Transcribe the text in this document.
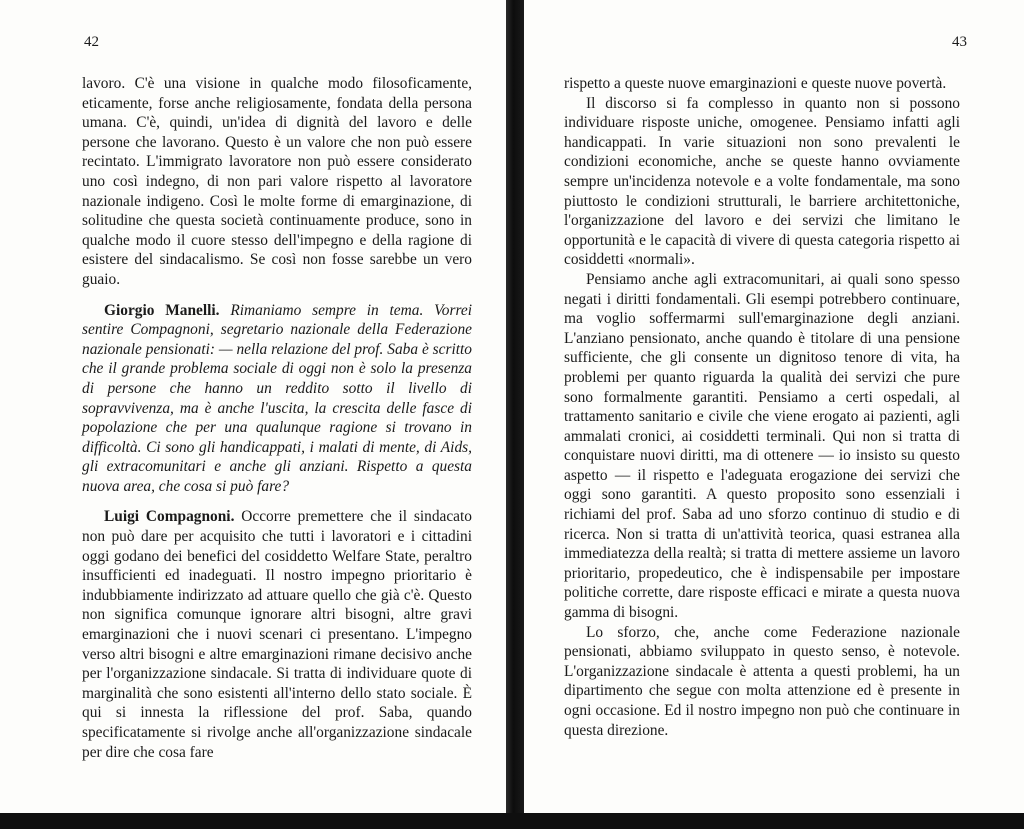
42

lavoro. C'è una visione in qualche modo filosoficamente, eticamente, forse anche religiosamente, fondata della persona umana. C'è, quindi, un'idea di dignità del lavoro e delle persone che lavorano. Questo è un valore che non può essere recintato. L'immigrato lavoratore non può essere considerato uno così indegno, di non pari valore rispetto al lavoratore nazionale indigeno. Così le molte forme di emarginazione, di solitudine che questa società continuamente produce, sono in qualche modo il cuore stesso dell'impegno e della ragione di esistere del sindacalismo. Se così non fosse sarebbe un vero guaio.

Giorgio Manelli. Rimaniamo sempre in tema. Vorrei sentire Compagnoni, segretario nazionale della Federazione nazionale pensionati: — nella relazione del prof. Saba è scritto che il grande problema sociale di oggi non è solo la presenza di persone che hanno un reddito sotto il livello di sopravvivenza, ma è anche l'uscita, la crescita delle fasce di popolazione che per una qualunque ragione si trovano in difficoltà. Ci sono gli handicappati, i malati di mente, di Aids, gli extracomunitari e anche gli anziani. Rispetto a questa nuova area, che cosa si può fare?

Luigi Compagnoni. Occorre premettere che il sindacato non può dare per acquisito che tutti i lavoratori e i cittadini oggi godano dei benefici del cosiddetto Welfare State, peraltro insufficienti ed inadeguati. Il nostro impegno prioritario è indubbiamente indirizzato ad attuare quello che già c'è. Questo non significa comunque ignorare altri bisogni, altre gravi emarginazioni che i nuovi scenari ci presentano. L'impegno verso altri bisogni e altre emarginazioni rimane decisivo anche per l'organizzazione sindacale. Si tratta di individuare quote di marginalità che sono esistenti all'interno dello stato sociale. È qui si innesta la riflessione del prof. Saba, quando specificatamente si rivolge anche all'organizzazione sindacale per dire che cosa fare

43

rispetto a queste nuove emarginazioni e queste nuove povertà.

Il discorso si fa complesso in quanto non si possono individuare risposte uniche, omogenee. Pensiamo infatti agli handicappati. In varie situazioni non sono prevalenti le condizioni economiche, anche se queste hanno ovviamente sempre un'incidenza notevole e a volte fondamentale, ma sono piuttosto le condizioni strutturali, le barriere architettoniche, l'organizzazione del lavoro e dei servizi che limitano le opportunità e le capacità di vivere di questa categoria rispetto ai cosiddetti «normali».

Pensiamo anche agli extracomunitari, ai quali sono spesso negati i diritti fondamentali. Gli esempi potrebbero continuare, ma voglio soffermarmi sull'emarginazione degli anziani. L'anziano pensionato, anche quando è titolare di una pensione sufficiente, che gli consente un dignitoso tenore di vita, ha problemi per quanto riguarda la qualità dei servizi che pure sono formalmente garantiti. Pensiamo a certi ospedali, al trattamento sanitario e civile che viene erogato ai pazienti, agli ammalati cronici, ai cosiddetti terminali. Qui non si tratta di conquistare nuovi diritti, ma di ottenere — io insisto su questo aspetto — il rispetto e l'adeguata erogazione dei servizi che oggi sono garantiti. A questo proposito sono essenziali i richiami del prof. Saba ad uno sforzo continuo di studio e di ricerca. Non si tratta di un'attività teorica, quasi estranea alla immediatezza della realtà; si tratta di mettere assieme un lavoro prioritario, propedeutico, che è indispensabile per impostare politiche corrette, dare risposte efficaci e mirate a questa nuova gamma di bisogni.

Lo sforzo, che, anche come Federazione nazionale pensionati, abbiamo sviluppato in questo senso, è notevole. L'organizzazione sindacale è attenta a questi problemi, ha un dipartimento che segue con molta attenzione ed è presente in ogni occasione. Ed il nostro impegno non può che continuare in questa direzione.
